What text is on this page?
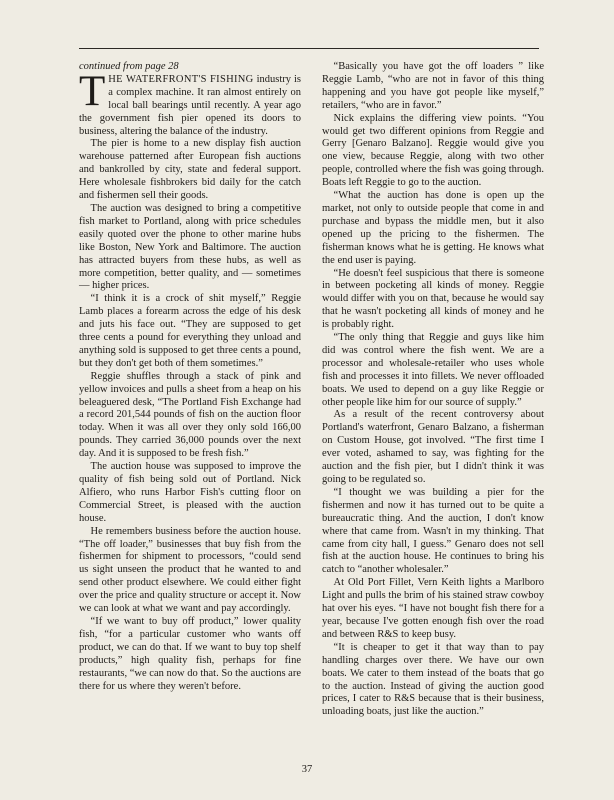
continued from page 28

THE WATERFRONT'S FISHING industry is a complex machine. It ran almost entirely on local ball bearings until recently. A year ago the government fish pier opened its doors to business, altering the balance of the industry.

The pier is home to a new display fish auction warehouse patterned after European fish auctions and bankrolled by city, state and federal support. Here wholesale fishbrokers bid daily for the catch and fishermen sell their goods.

The auction was designed to bring a competitive fish market to Portland, along with price schedules easily quoted over the phone to other marine hubs like Boston, New York and Baltimore. The auction has attracted buyers from these hubs, as well as more competition, better quality, and — sometimes — higher prices.

“I think it is a crock of shit myself,” Reggie Lamb places a forearm across the edge of his desk and juts his face out. “They are supposed to get three cents a pound for everything they unload and anything sold is supposed to get three cents a pound, but they don't get both of them sometimes.”

Reggie shuffles through a stack of pink and yellow invoices and pulls a sheet from a heap on his beleaguered desk, “The Portland Fish Exchange had a record 201,544 pounds of fish on the auction floor today. When it was all over they only sold 166,00 pounds. They carried 36,000 pounds over the next day. And it is supposed to be fresh fish.”

The auction house was supposed to improve the quality of fish being sold out of Portland. Nick Alfiero, who runs Harbor Fish's cutting floor on Commercial Street, is pleased with the auction house.

He remembers business before the auction house. “The off loader,” businesses that buy fish from the fishermen for shipment to processors, “could send us sight unseen the product that he wanted to and send other product elsewhere. We could either fight over the price and quality structure or accept it. Now we can look at what we want and pay accordingly.

“If we want to buy off product,” lower quality fish, “for a particular customer who wants off product, we can do that. If we want to buy top shelf products,” high quality fish, perhaps for fine restaurants, “we can now do that. So the auctions are there for us where they weren't before.

“Basically you have got the off loaders ” like Reggie Lamb, “who are not in favor of this thing happening and you have got people like myself,” retailers, “who are in favor.”

Nick explains the differing view points. “You would get two different opinions from Reggie and Gerry [Genaro Balzano]. Reggie would give you one view, because Reggie, along with two other people, controlled where the fish was going through. Boats left Reggie to go to the auction.

“What the auction has done is open up the market, not only to outside people that come in and purchase and bypass the middle men, but it also opened up the pricing to the fishermen. The fisherman knows what he is getting. He knows what the end user is paying.

“He doesn't feel suspicious that there is someone in between pocketing all kinds of money. Reggie would differ with you on that, because he would say that he wasn't pocketing all kinds of money and he is probably right.

“The only thing that Reggie and guys like him did was control where the fish went. We are a processor and wholesale-retailer who uses whole fish and processes it into fillets. We never offloaded boats. We used to depend on a guy like Reggie or other people like him for our source of supply.”

As a result of the recent controversy about Portland's waterfront, Genaro Balzano, a fisherman on Custom House, got involved. “The first time I ever voted, ashamed to say, was fighting for the auction and the fish pier, but I didn't think it was going to be regulated so.

“I thought we was building a pier for the fishermen and now it has turned out to be quite a bureaucratic thing. And the auction, I don't know where that came from. Wasn't in my thinking. That came from city hall, I guess.” Genaro does not sell fish at the auction house. He continues to bring his catch to “another wholesaler.”

At Old Port Fillet, Vern Keith lights a Marlboro Light and pulls the brim of his stained straw cowboy hat over his eyes. “I have not bought fish there for a year, because I've gotten enough fish over the road and between R&S to keep busy.

“It is cheaper to get it that way than to pay handling charges over there. We have our own boats. We cater to them instead of the boats that go to the auction. Instead of giving the auction good prices, I cater to R&S because that is their business, unloading boats, just like the auction.”

37
